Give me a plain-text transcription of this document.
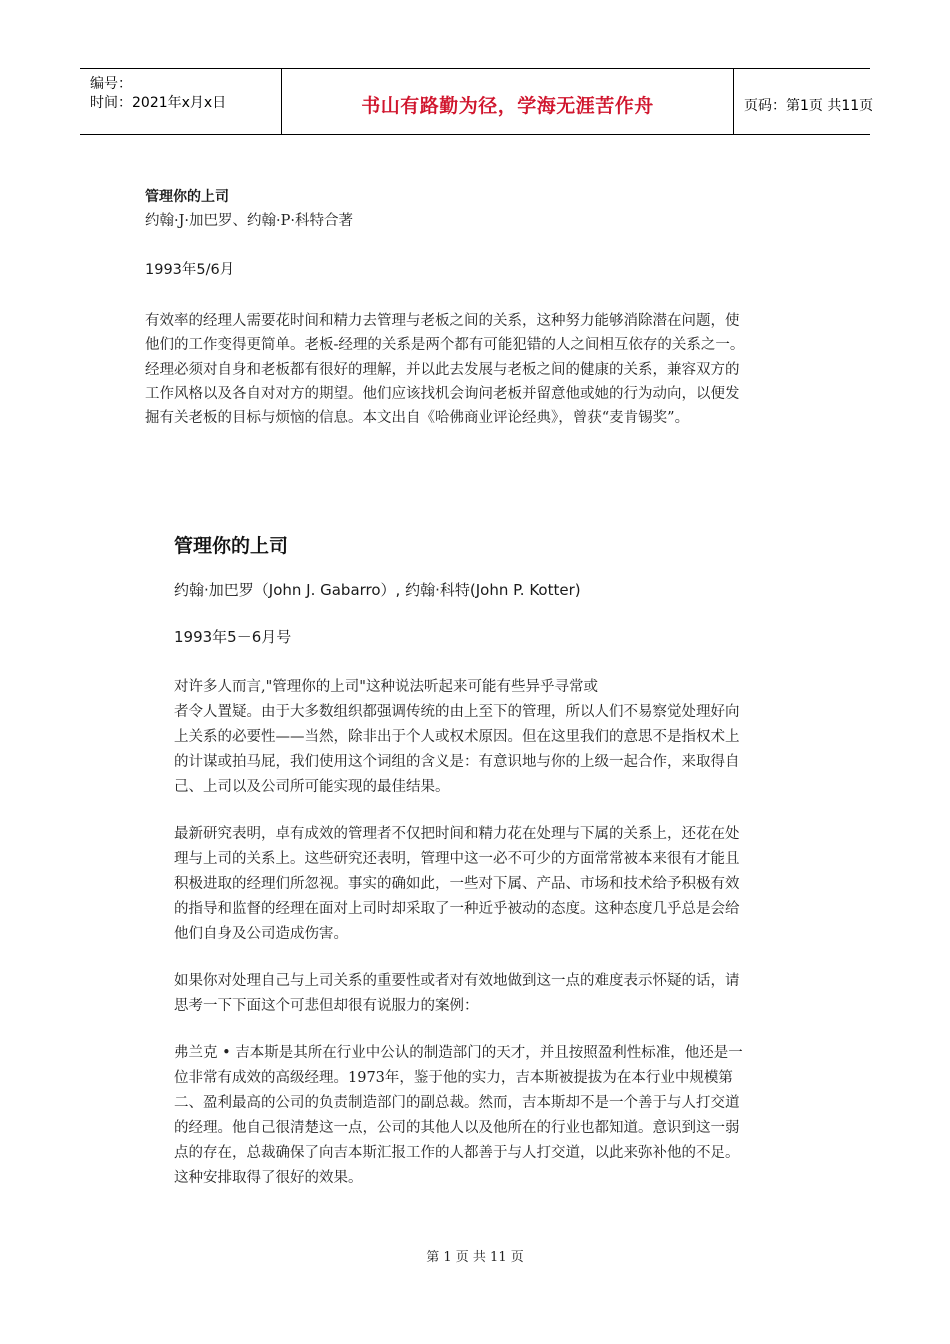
编号：
时间：2021年x月x日	书山有路勤为径，学海无涯苦作舟	页码：第1页 共11页
管理你的上司
约翰·J·加巴罗、约翰·P·科特合著
1993年5/6月
有效率的经理人需要花时间和精力去管理与老板之间的关系，这种努力能够消除潜在问题，使
他们的工作变得更简单。老板-经理的关系是两个都有可能犯错的人之间相互依存的关系之一。
经理必须对自身和老板都有很好的理解，并以此去发展与老板之间的健康的关系，兼容双方的
工作风格以及各自对对方的期望。他们应该找机会询问老板并留意他或她的行为动向，以便发
掘有关老板的目标与烦恼的信息。本文出自《哈佛商业评论经典》，曾获“麦肯锡奖”。
管理你的上司
约翰·加巴罗（John J. Gabarro）, 约翰·科特(John P. Kotter)
1993年5－6月号
对许多人而言,"管理你的上司"这种说法听起来可能有些异乎寻常或
者令人置疑。由于大多数组织都强调传统的由上至下的管理，所以人们不易察觉处理好向
上关系的必要性——当然，除非出于个人或权术原因。但在这里我们的意思不是指权术上
的计谋或拍马屁，我们使用这个词组的含义是：有意识地与你的上级一起合作，来取得自
己、上司以及公司所可能实现的最佳结果。
最新研究表明，卓有成效的管理者不仅把时间和精力花在处理与下属的关系上，还花在处
理与上司的关系上。这些研究还表明，管理中这一必不可少的方面常常被本来很有才能且
积极进取的经理们所忽视。事实的确如此，一些对下属、产品、市场和技术给予积极有效
的指导和监督的经理在面对上司时却采取了一种近乎被动的态度。这种态度几乎总是会给
他们自身及公司造成伤害。
如果你对处理自己与上司关系的重要性或者对有效地做到这一点的难度表示怀疑的话，请
思考一下下面这个可悲但却很有说服力的案例：
弗兰克 • 吉本斯是其所在行业中公认的制造部门的天才，并且按照盈利性标准，他还是一
位非常有成效的高级经理。1973年，鉴于他的实力，吉本斯被提拔为在本行业中规模第
二、盈利最高的公司的负责制造部门的副总裁。然而，吉本斯却不是一个善于与人打交道
的经理。他自己很清楚这一点，公司的其他人以及他所在的行业也都知道。意识到这一弱
点的存在，总裁确保了向吉本斯汇报工作的人都善于与人打交道，以此来弥补他的不足。
这种安排取得了很好的效果。
第 1 页 共 11 页
